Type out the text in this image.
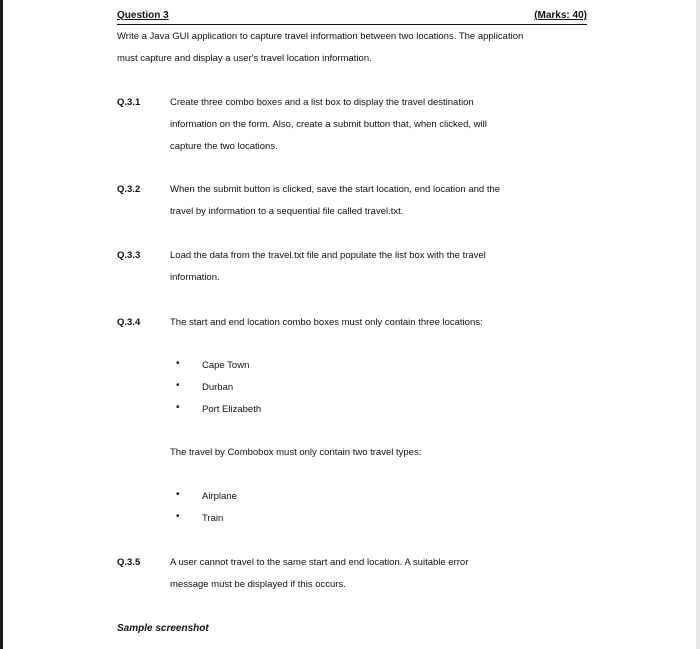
Question 3	(Marks: 40)
Write a Java GUI application to capture travel information between two locations. The application
must capture and display a user's travel location information.
Q.3.1	Create three combo boxes and a list box to display the travel destination
information on the form. Also, create a submit button that, when clicked, will
capture the two locations.
Q.3.2	When the submit button is clicked, save the start location, end location and the
travel by information to a sequential file called travel.txt.
Q.3.3	Load the data from the travel.txt file and populate the list box with the travel
information.
Q.3.4	The start and end location combo boxes must only contain three locations:
• Cape Town
• Durban
• Port Elizabeth
The travel by Combobox must only contain two travel types:
• Airplane
• Train
Q.3.5	A user cannot travel to the same start and end location. A suitable error
message must be displayed if this occurs.
Sample screenshot
